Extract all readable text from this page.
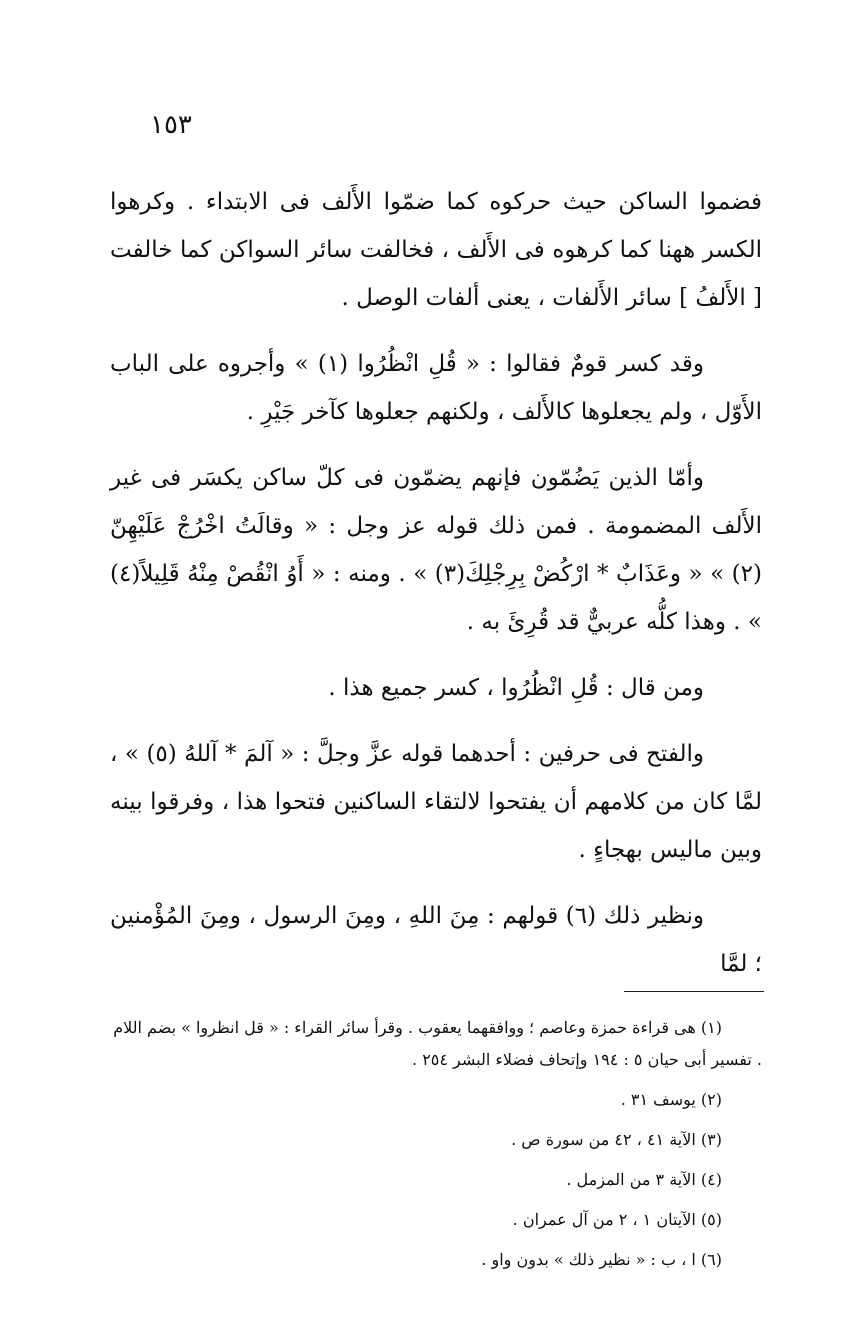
١٥٣

فضموا الساكن حيث حركوه كما ضمّوا الأَلف فى الابتداء . وكرهوا الكسر ههنا كما كرهوه فى الأَلف ، فخالفت سائر السواكن كما خالفت [ الأَلفُ ] سائر الأَلفات ، يعنى ألفات الوصل .

وقد كسر قومٌ فقالوا : « قُلِ انْظُرُوا (١) » وأجروه على الباب الأَوّل ، ولم يجعلوها كالأَلف ، ولكنهم جعلوها كآخر جَيْرِ .

وأمّا الذين يَضُمّون فإنهم يضمّون فى كلّ ساكن يكسَر فى غير الأَلف المضمومة . فمن ذلك قوله عز وجل : « وقالَتُ اخْرُجْ عَلَيْهِنّ (٢) » « وعَذَابٌ * ارْكُضْ بِرِجْلِكَ(٣) » . ومنه : « أَوُ انْقُصْ مِنْهُ قَلِيلاً(٤) » . وهذا كلُّه عربيٌّ قد قُرِئَ به .

ومن قال : قُلِ انْظُرُوا ، كسر جميع هذا .

والفتح فى حرفين : أحدهما قوله عزَّ وجلَّ : « آلمَ * آللهُ (٥) » ، لمَّا كان من كلامهم أن يفتحوا لالتقاء الساكنين فتحوا هذا ، وفرقوا بينه وبين ماليس بهجاءٍ .

ونظير ذلك (٦) قولهم : مِنَ اللهِ ، ومِنَ الرسول ، ومِنَ المُؤْمنين ؛ لمَّا

(١) هى قراءة حمزة وعاصم ؛ ووافقهما يعقوب . وقرأ سائر القراء : « قل انظروا » بضم اللام . تفسير أبى حيان ٥ : ١٩٤ وإتحاف فضلاء البشر ٢٥٤ .
(٢) يوسف ٣١ .
(٣) الآية ٤١ ، ٤٢ من سورة ص .
(٤) الآية ٣ من المزمل .
(٥) الآيتان ١ ، ٢ من آل عمران .
(٦) ا ، ب : « نظير ذلك » بدون واو .
